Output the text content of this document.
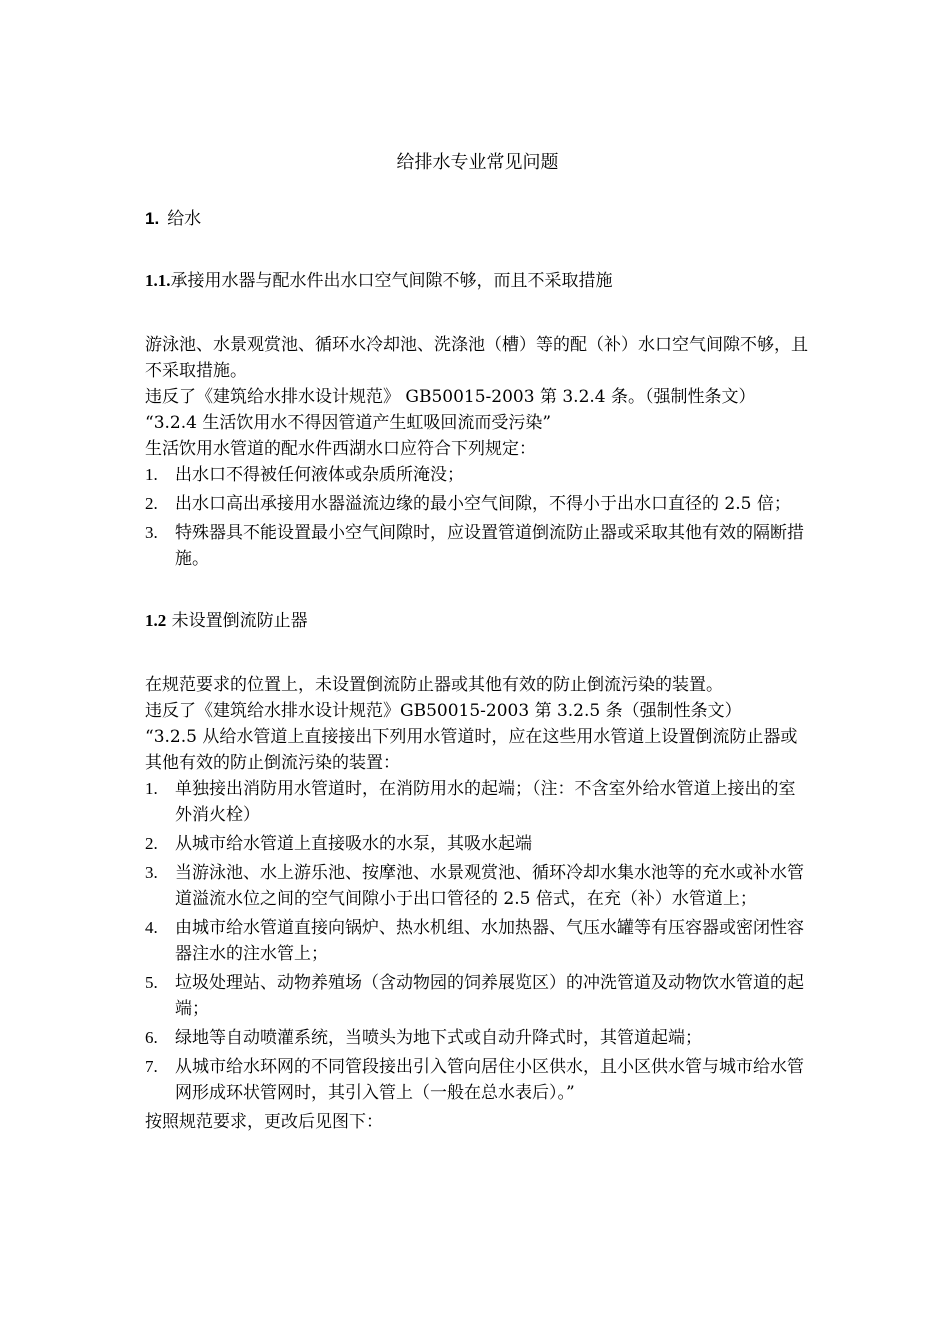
给排水专业常见问题
1. 给水
1.1.承接用水器与配水件出水口空气间隙不够，而且不采取措施

游泳池、水景观赏池、循环水冷却池、洗涤池（槽）等的配（补）水口空气间隙不够，且不采取措施。

违反了《建筑给水排水设计规范》 GB50015-2003 第 3.2.4 条。（强制性条文）

“3.2.4 生活饮用水不得因管道产生虹吸回流而受污染”

生活饮用水管道的配水件西湖水口应符合下列规定：

1. 出水口不得被任何液体或杂质所淹没；
2. 出水口高出承接用水器溢流边缘的最小空气间隙，不得小于出水口直径的 2.5 倍；
3. 特殊器具不能设置最小空气间隙时，应设置管道倒流防止器或采取其他有效的隔断措施。
1.2 未设置倒流防止器

在规范要求的位置上，未设置倒流防止器或其他有效的防止倒流污染的装置。

违反了《建筑给水排水设计规范》GB50015-2003 第 3.2.5 条（强制性条文）

“3.2.5 从给水管道上直接接出下列用水管道时，应在这些用水管道上设置倒流防止器或其他有效的防止倒流污染的装置：

1. 单独接出消防用水管道时，在消防用水的起端；（注：不含室外给水管道上接出的室外消火栓）
2. 从城市给水管道上直接吸水的水泵，其吸水起端
3. 当游泳池、水上游乐池、按摩池、水景观赏池、循环冷却水集水池等的充水或补水管道溢流水位之间的空气间隙小于出口管径的 2.5 倍式，在充（补）水管道上；
4. 由城市给水管道直接向锅炉、热水机组、水加热器、气压水罐等有压容器或密闭性容器注水的注水管上；
5. 垃圾处理站、动物养殖场（含动物园的饲养展览区）的冲洗管道及动物饮水管道的起端；
6. 绿地等自动喷灌系统，当喷头为地下式或自动升降式时，其管道起端；
7. 从城市给水环网的不同管段接出引入管向居住小区供水，且小区供水管与城市给水管网形成环状管网时，其引入管上（一般在总水表后）。”

按照规范要求，更改后见图下：
